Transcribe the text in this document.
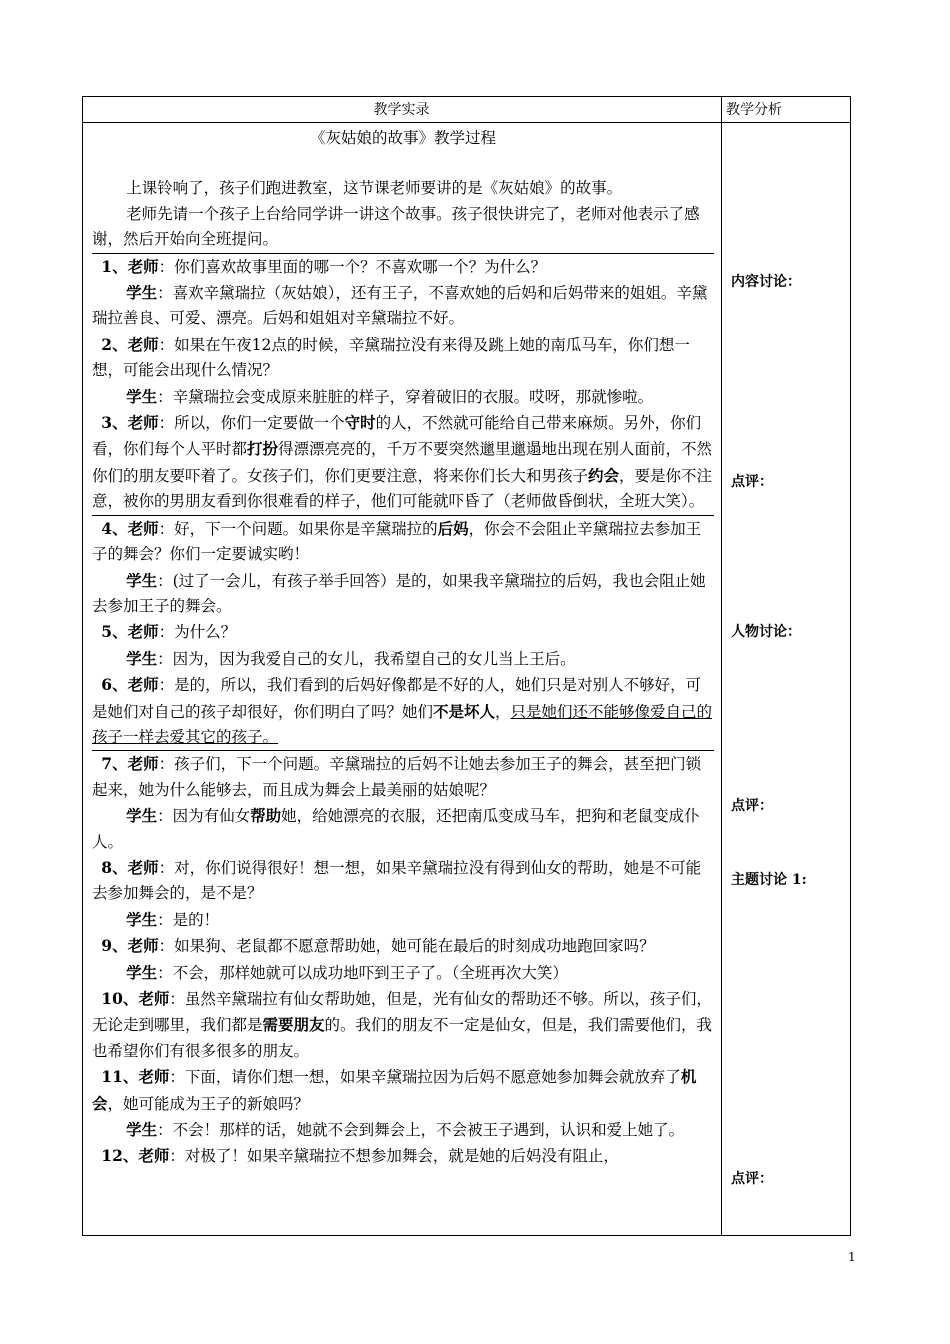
教学实录	教学分析

《灰姑娘的故事》教学过程

上课铃响了，孩子们跑进教室，这节课老师要讲的是《灰姑娘》的故事。

老师先请一个孩子上台给同学讲一讲这个故事。孩子很快讲完了，老师对他表示了感谢，然后开始向全班提问。

1、老师：你们喜欢故事里面的哪一个？不喜欢哪一个？为什么？

学生：喜欢辛黛瑞拉（灰姑娘），还有王子，不喜欢她的后妈和后妈带来的姐姐。辛黛瑞拉善良、可爱、漂亮。后妈和姐姐对辛黛瑞拉不好。

2、老师：如果在午夜12点的时候，辛黛瑞拉没有来得及跳上她的南瓜马车，你们想一想，可能会出现什么情况？

学生：辛黛瑞拉会变成原来脏脏的样子，穿着破旧的衣服。哎呀，那就惨啦。

3、老师：所以，你们一定要做一个守时的人，不然就可能给自己带来麻烦。另外，你们看，你们每个人平时都打扮得漂漂亮亮的，千万不要突然邋里邋遢地出现在别人面前，不然你们的朋友要吓着了。女孩子们，你们更要注意，将来你们长大和男孩子约会，要是你不注意，被你的男朋友看到你很难看的样子，他们可能就吓昏了（老师做昏倒状，全班大笑）。

4、老师：好，下一个问题。如果你是辛黛瑞拉的后妈，你会不会阻止辛黛瑞拉去参加王子的舞会？你们一定要诚实哟！

学生：(过了一会儿，有孩子举手回答）是的，如果我辛黛瑞拉的后妈，我也会阻止她去参加王子的舞会。

5、老师：为什么？

学生：因为，因为我爱自己的女儿，我希望自己的女儿当上王后。

6、老师：是的，所以，我们看到的后妈好像都是不好的人，她们只是对别人不够好，可是她们对自己的孩子却很好，你们明白了吗？她们不是坏人，只是她们还不能够像爱自己的孩子一样去爱其它的孩子。

7、老师：孩子们，下一个问题。辛黛瑞拉的后妈不让她去参加王子的舞会，甚至把门锁起来，她为什么能够去，而且成为舞会上最美丽的姑娘呢？

学生：因为有仙女帮助她，给她漂亮的衣服，还把南瓜变成马车，把狗和老鼠变成仆人。

8、老师：对，你们说得很好！想一想，如果辛黛瑞拉没有得到仙女的帮助，她是不可能去参加舞会的，是不是？

学生：是的！

9、老师：如果狗、老鼠都不愿意帮助她，她可能在最后的时刻成功地跑回家吗？

学生：不会，那样她就可以成功地吓到王子了。（全班再次大笑）

10、老师：虽然辛黛瑞拉有仙女帮助她，但是，光有仙女的帮助还不够。所以，孩子们，无论走到哪里，我们都是需要朋友的。我们的朋友不一定是仙女，但是，我们需要他们，我也希望你们有很多很多的朋友。

11、老师：下面，请你们想一想，如果辛黛瑞拉因为后妈不愿意她参加舞会就放弃了机会，她可能成为王子的新娘吗？

学生：不会！那样的话，她就不会到舞会上，不会被王子遇到，认识和爱上她了。

12、老师：对极了！如果辛黛瑞拉不想参加舞会，就是她的后妈没有阻止，

内容讨论：
点评：
人物讨论：
点评：
主题讨论 1:
点评：
1
